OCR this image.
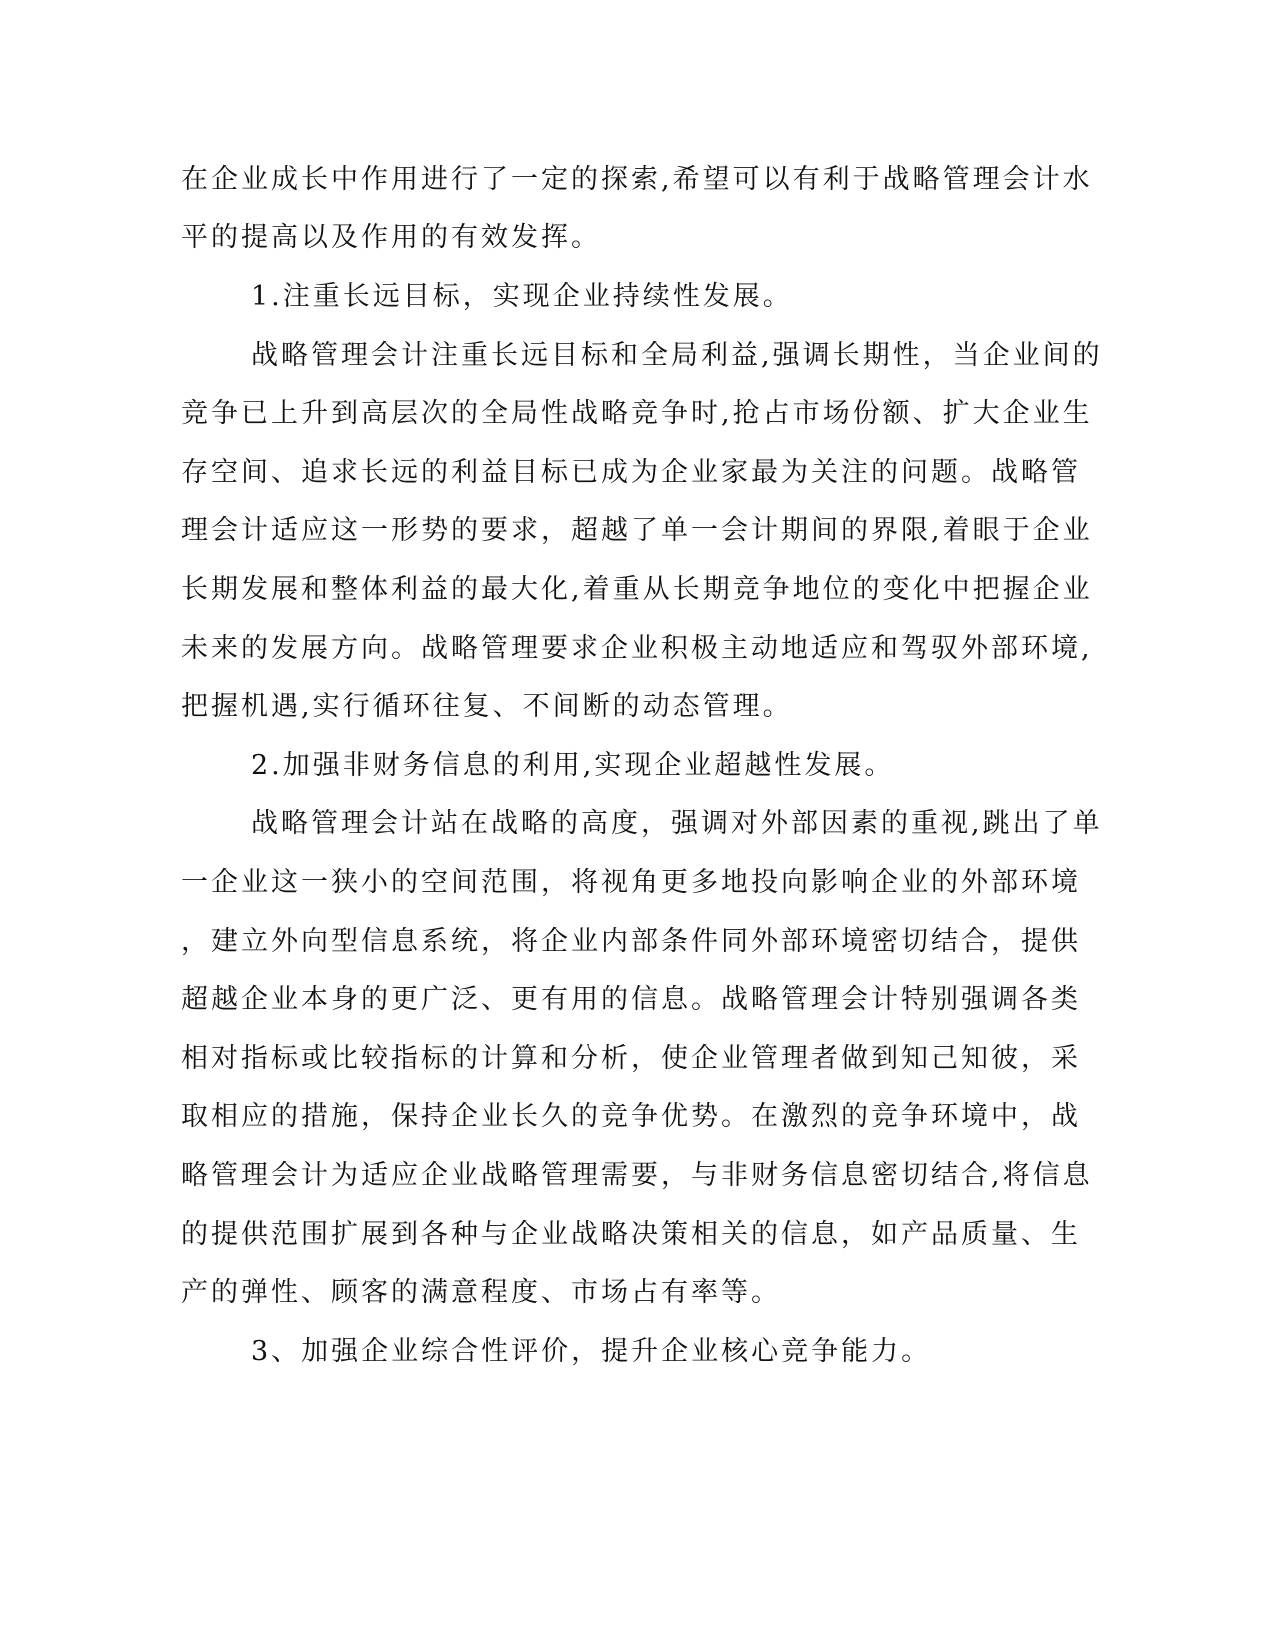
在企业成长中作用进行了一定的探索,希望可以有利于战略管理会计水

平的提高以及作用的有效发挥。

1.注重长远目标，实现企业持续性发展。

战略管理会计注重长远目标和全局利益,强调长期性，当企业间的

竞争已上升到高层次的全局性战略竞争时,抢占市场份额、扩大企业生

存空间、追求长远的利益目标已成为企业家最为关注的问题。战略管

理会计适应这一形势的要求，超越了单一会计期间的界限,着眼于企业

长期发展和整体利益的最大化,着重从长期竞争地位的变化中把握企业

未来的发展方向。战略管理要求企业积极主动地适应和驾驭外部环境,

把握机遇,实行循环往复、不间断的动态管理。

2.加强非财务信息的利用,实现企业超越性发展。

战略管理会计站在战略的高度，强调对外部因素的重视,跳出了单

一企业这一狭小的空间范围，将视角更多地投向影响企业的外部环境

，建立外向型信息系统，将企业内部条件同外部环境密切结合，提供

超越企业本身的更广泛、更有用的信息。战略管理会计特别强调各类

相对指标或比较指标的计算和分析，使企业管理者做到知己知彼，采

取相应的措施，保持企业长久的竞争优势。在激烈的竞争环境中，战

略管理会计为适应企业战略管理需要，与非财务信息密切结合,将信息

的提供范围扩展到各种与企业战略决策相关的信息，如产品质量、生

产的弹性、顾客的满意程度、市场占有率等。

3、加强企业综合性评价，提升企业核心竞争能力。
